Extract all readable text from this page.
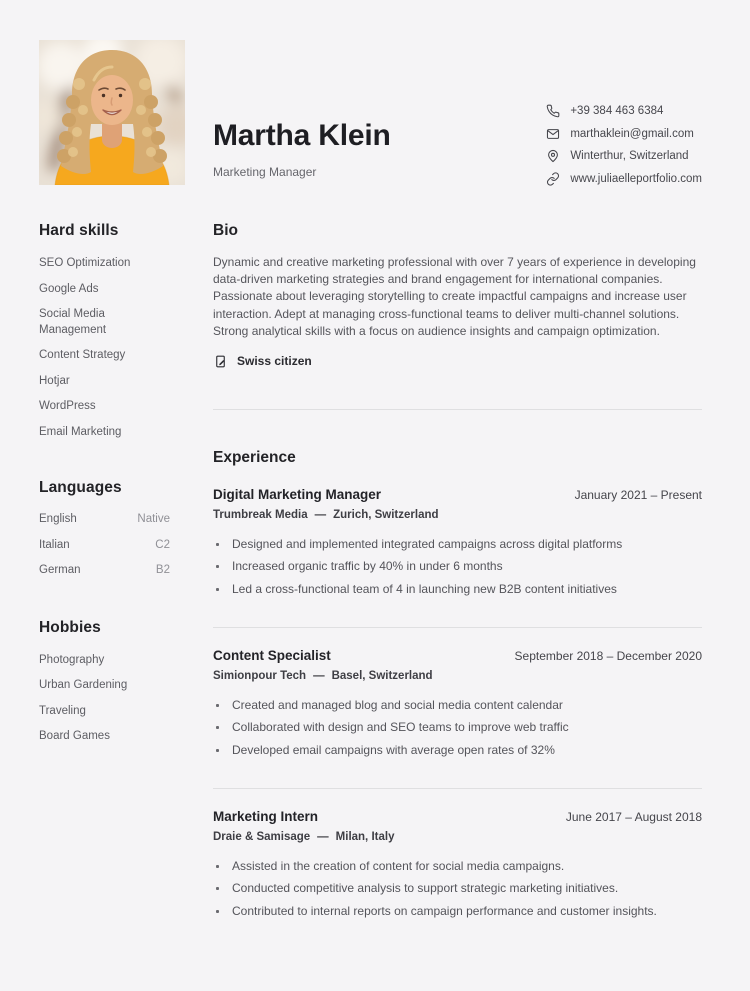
Hard skills
SEO Optimization
Google Ads
Social Media Management
Content Strategy
Hotjar
WordPress
Email Marketing
Languages
English	Native
Italian	C2
German	B2
Hobbies
Photography
Urban Gardening
Traveling
Board Games
Martha Klein
Marketing Manager
+39 384 463 6384
marthaklein@gmail.com
Winterthur, Switzerland
www.juliaelleportfolio.com
Bio

Dynamic and creative marketing professional with over 7 years of experience in developing data-driven marketing strategies and brand engagement for international companies. Passionate about leveraging storytelling to create impactful campaigns and increase user interaction. Adept at managing cross-functional teams to deliver multi-channel solutions. Strong analytical skills with a focus on audience insights and campaign optimization.

Swiss citizen
Experience
Digital Marketing Manager	January 2021 – Present
Trumbreak Media — Zurich, Switzerland
Designed and implemented integrated campaigns across digital platforms
Increased organic traffic by 40% in under 6 months
Led a cross-functional team of 4 in launching new B2B content initiatives
Content Specialist	September 2018 – December 2020
Simionpour Tech — Basel, Switzerland
Created and managed blog and social media content calendar
Collaborated with design and SEO teams to improve web traffic
Developed email campaigns with average open rates of 32%
Marketing Intern	June 2017 – August 2018
Draie & Samisage — Milan, Italy
Assisted in the creation of content for social media campaigns.
Conducted competitive analysis to support strategic marketing initiatives.
Contributed to internal reports on campaign performance and customer insights.
